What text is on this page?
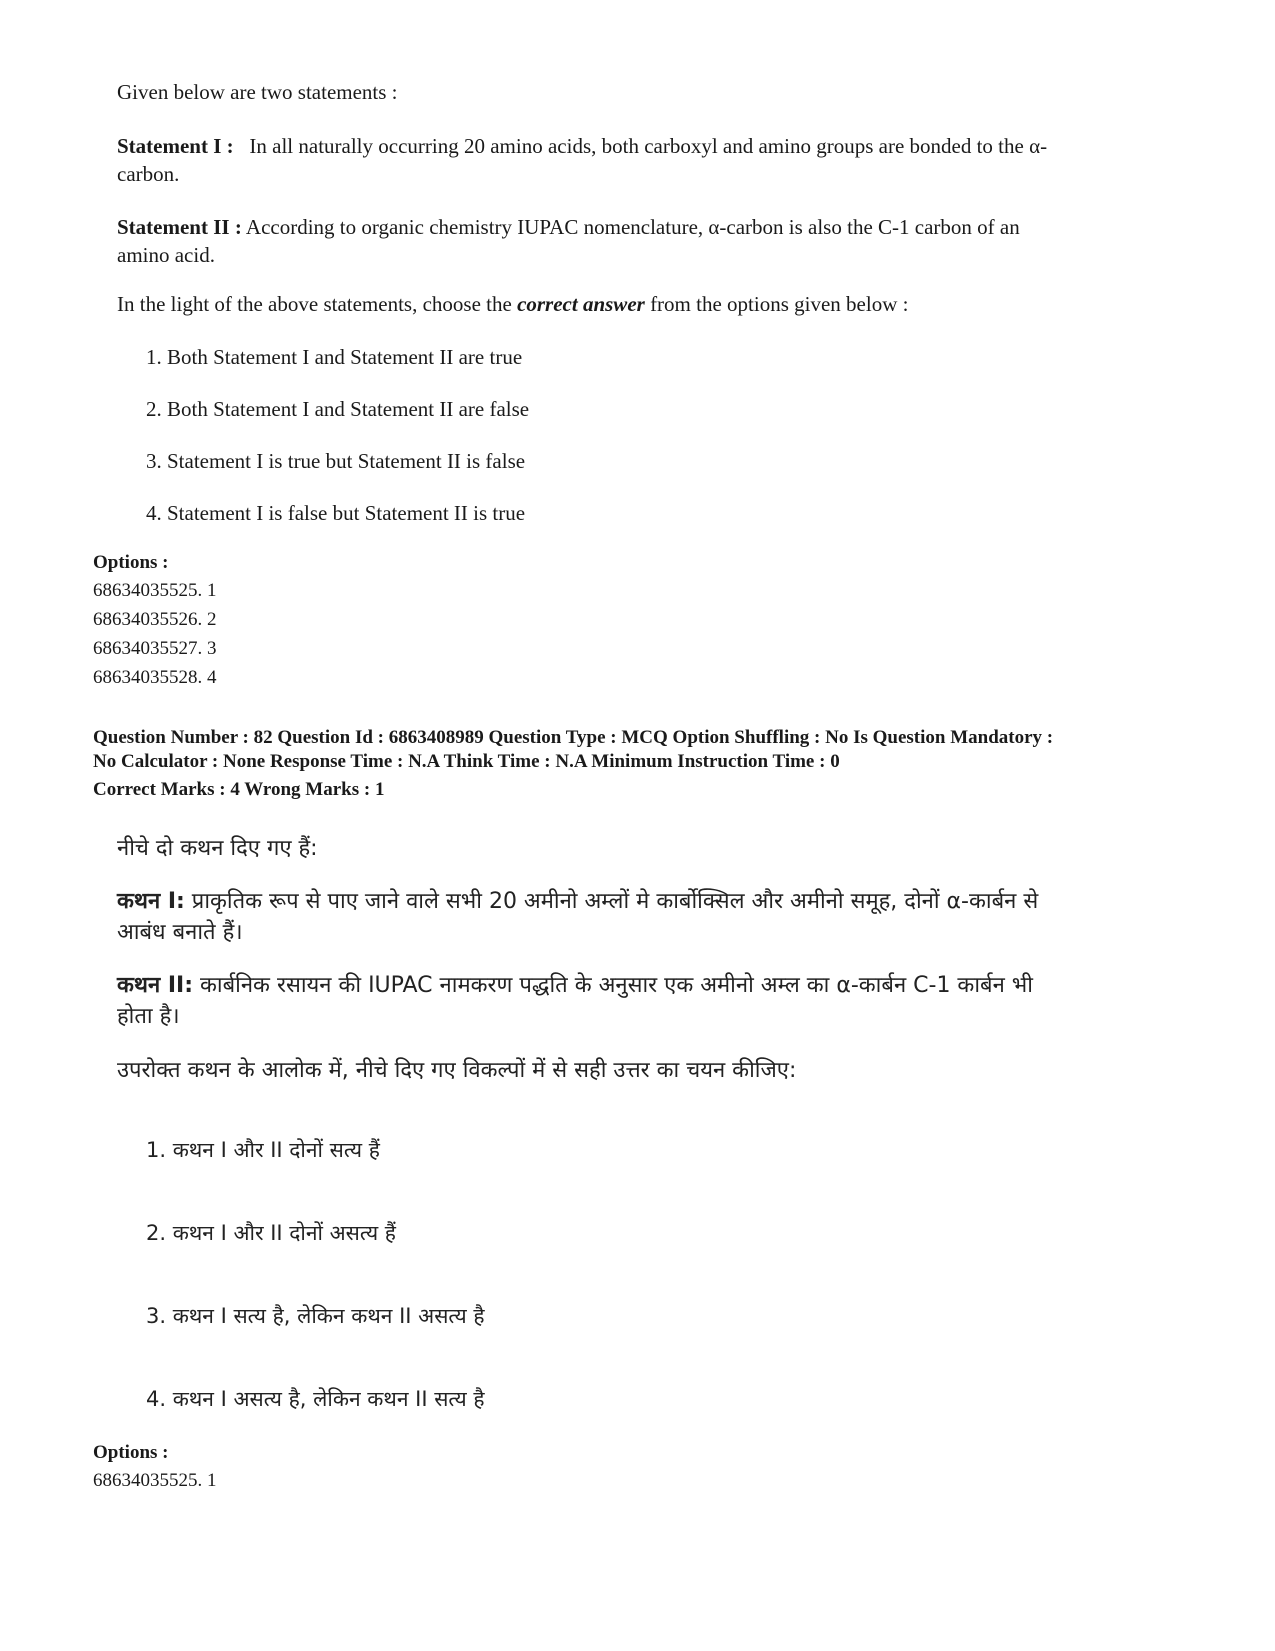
Given below are two statements :
Statement I : In all naturally occurring 20 amino acids, both carboxyl and amino groups are bonded to the α-
carbon.
Statement II : According to organic chemistry IUPAC nomenclature, α-carbon is also the C-1 carbon of an
amino acid.
In the light of the above statements, choose the correct answer from the options given below :
1. Both Statement I and Statement II are true
2. Both Statement I and Statement II are false
3. Statement I is true but Statement II is false
4. Statement I is false but Statement II is true
Options :
68634035525. 1
68634035526. 2
68634035527. 3
68634035528. 4
Question Number : 82 Question Id : 6863408989 Question Type : MCQ Option Shuffling : No Is Question Mandatory :
No Calculator : None Response Time : N.A Think Time : N.A Minimum Instruction Time : 0
Correct Marks : 4 Wrong Marks : 1
नीचे दो कथन दिए गए हैं:
कथन I: प्राकृतिक रूप से पाए जाने वाले सभी 20 अमीनो अम्लों मे कार्बोक्सिल और अमीनो समूह, दोनों α-कार्बन से
आबंध बनाते हैं।
कथन II: कार्बनिक रसायन की IUPAC नामकरण पद्धति के अनुसार एक अमीनो अम्ल का α-कार्बन C-1 कार्बन भी
होता है।
उपरोक्त कथन के आलोक में, नीचे दिए गए विकल्पों में से सही उत्तर का चयन कीजिए:
1. कथन I और II दोनों सत्य हैं
2. कथन I और II दोनों असत्य हैं
3. कथन I सत्य है, लेकिन कथन II असत्य है
4. कथन I असत्य है, लेकिन कथन II सत्य है
Options :
68634035525. 1
